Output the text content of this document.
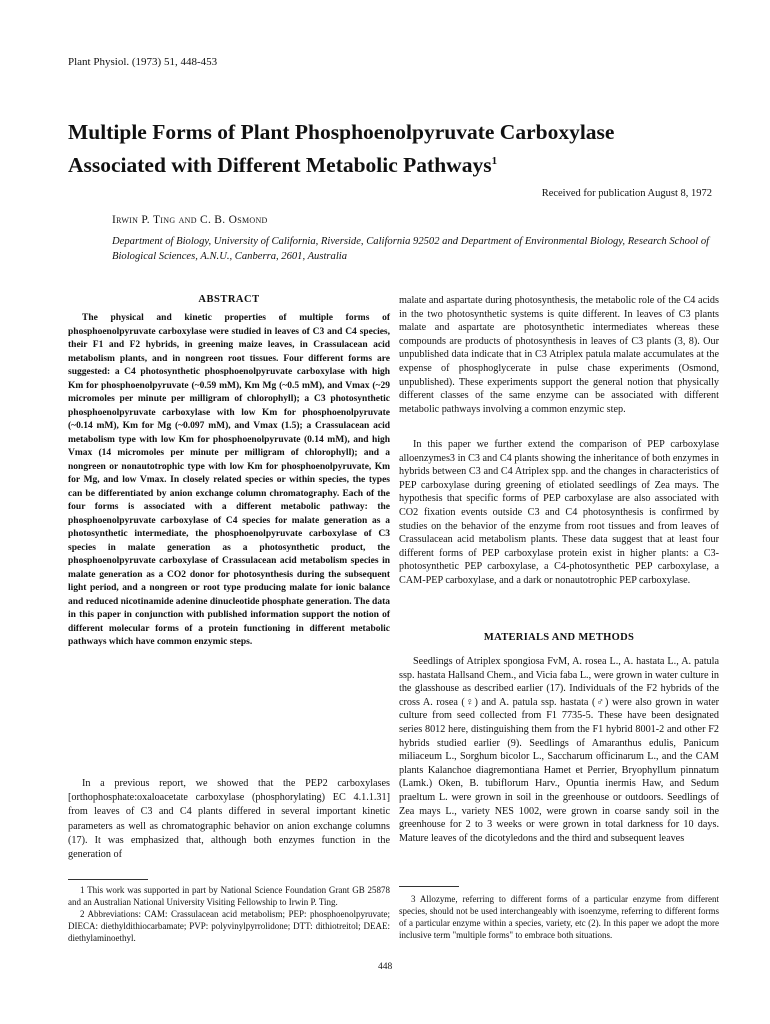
Plant Physiol. (1973) 51, 448-453
Multiple Forms of Plant Phosphoenolpyruvate Carboxylase
Associated with Different Metabolic Pathways$^1$
Received for publication August 8, 1972
Irwin P. Ting and C. B. Osmond
Department of Biology, University of California, Riverside, California 92502 and Department of Environmental Biology, Research School of Biological Sciences, A.N.U., Canberra, 2601, Australia
ABSTRACT
The physical and kinetic properties of multiple forms of phosphoenolpyruvate carboxylase were studied in leaves of C3 and C4 species, their F1 and F2 hybrids, in greening maize leaves, in Crassulacean acid metabolism plants, and in nongreen root tissues. Four different forms are suggested: a C4 photosynthetic phosphoenolpyruvate carboxylase with high Km for phosphoenolpyruvate (~0.59 mM), Km Mg (~0.5 mM), and Vmax (~29 micromoles per minute per milligram of chlorophyll); a C3 photosynthetic phosphoenolpyruvate carboxylase with low Km for phosphoenolpyruvate (~0.14 mM), Km for Mg (~0.097 mM), and Vmax (1.5); a Crassulacean acid metabolism type with low Km for phosphoenolpyruvate (0.14 mM), and high Vmax (14 micromoles per minute per milligram of chlorophyll); and a nongreen or nonautotrophic type with low Km for phosphoenolpyruvate, Km for Mg, and low Vmax. In closely related species or within species, the types can be differentiated by anion exchange column chromatography. Each of the four forms is associated with a different metabolic pathway: the phosphoenolpyruvate carboxylase of C4 species for malate generation as a photosynthetic intermediate, the phosphoenolpyruvate carboxylase of C3 species in malate generation as a photosynthetic product, the phosphoenolpyruvate carboxylase of Crassulacean acid metabolism species in malate generation as a CO2 donor for photosynthesis during the subsequent light period, and a nongreen or root type producing malate for ionic balance and reduced nicotinamide adenine dinucleotide phosphate generation. The data in this paper in conjunction with published information support the notion of different molecular forms of a protein functioning in different metabolic pathways which have common enzymic steps.
In a previous report, we showed that the PEP2 carboxylases [orthophosphate:oxaloacetate carboxylase (phosphorylating) EC 4.1.1.31] from leaves of C3 and C4 plants differed in several important kinetic parameters as well as chromatographic behavior on anion exchange columns (17). It was emphasized that, although both enzymes function in the generation of

1 This work was supported in part by National Science Foundation Grant GB 25878 and an Australian National University Visiting Fellowship to Irwin P. Ting.

2 Abbreviations: CAM: Crassulacean acid metabolism; PEP: phosphoenolpyruvate; DIECA: diethyldithiocarbamate; PVP: polyvinylpyrrolidone; DTT: dithiotreitol; DEAE: diethylaminoethyl.

malate and aspartate during photosynthesis, the metabolic role of the C4 acids in the two photosynthetic systems is quite different. In leaves of C3 plants malate and aspartate are photosynthetic intermediates whereas these compounds are products of photosynthesis in leaves of C3 plants (3, 8). Our unpublished data indicate that in C3 Atriplex patula malate accumulates at the expense of phosphoglycerate in pulse chase experiments (Osmond, unpublished). These experiments support the general notion that physically different classes of the same enzyme can be associated with different metabolic pathways involving a common enzymic step.
In this paper we further extend the comparison of PEP carboxylase alloenzymes3 in C3 and C4 plants showing the inheritance of both enzymes in hybrids between C3 and C4 Atriplex spp. and the changes in characteristics of PEP carboxylase during greening of etiolated seedlings of Zea mays. The hypothesis that specific forms of PEP carboxylase are also associated with CO2 fixation events outside C3 and C4 photosynthesis is confirmed by studies on the behavior of the enzyme from root tissues and from leaves of Crassulacean acid metabolism plants. These data suggest that at least four different forms of PEP carboxylase protein exist in higher plants: a C3-photosynthetic PEP carboxylase, a C4-photosynthetic PEP carboxylase, a CAM-PEP carboxylase, and a dark or nonautotrophic PEP carboxylase.
MATERIALS AND METHODS
Seedlings of Atriplex spongiosa FvM, A. rosea L., A. hastata L., A. patula ssp. hastata Hallsand Chem., and Vicia faba L., were grown in water culture in the glasshouse as described earlier (17). Individuals of the F2 hybrids of the cross A. rosea (♀) and A. patula ssp. hastata (♂) were also grown in water culture from seed collected from F1 7735-5. These have been designated series 8012 here, distinguishing them from the F1 hybrid 8001-2 and other F2 hybrids studied earlier (9). Seedlings of Amaranthus edulis, Panicum miliaceum L., Sorghum bicolor L., Saccharum officinarum L., and the CAM plants Kalanchoe diagremontiana Hamet et Perrier, Bryophyllum pinnatum (Lamk.) Oken, B. tubiflorum Harv., Opuntia inermis Haw, and Sedum praeltum L. were grown in soil in the greenhouse or outdoors. Seedlings of Zea mays L., variety NES 1002, were grown in coarse sandy soil in the greenhouse for 2 to 3 weeks or were grown in total darkness for 10 days. Mature leaves of the dicotyledons and the third and subsequent leaves

3 Allozyme, referring to different forms of a particular enzyme from different species, should not be used interchangeably with isoenzyme, referring to different forms of a particular enzyme within a species, variety, etc (2). In this paper we adopt the more inclusive term "multiple forms" to embrace both situations.

448
